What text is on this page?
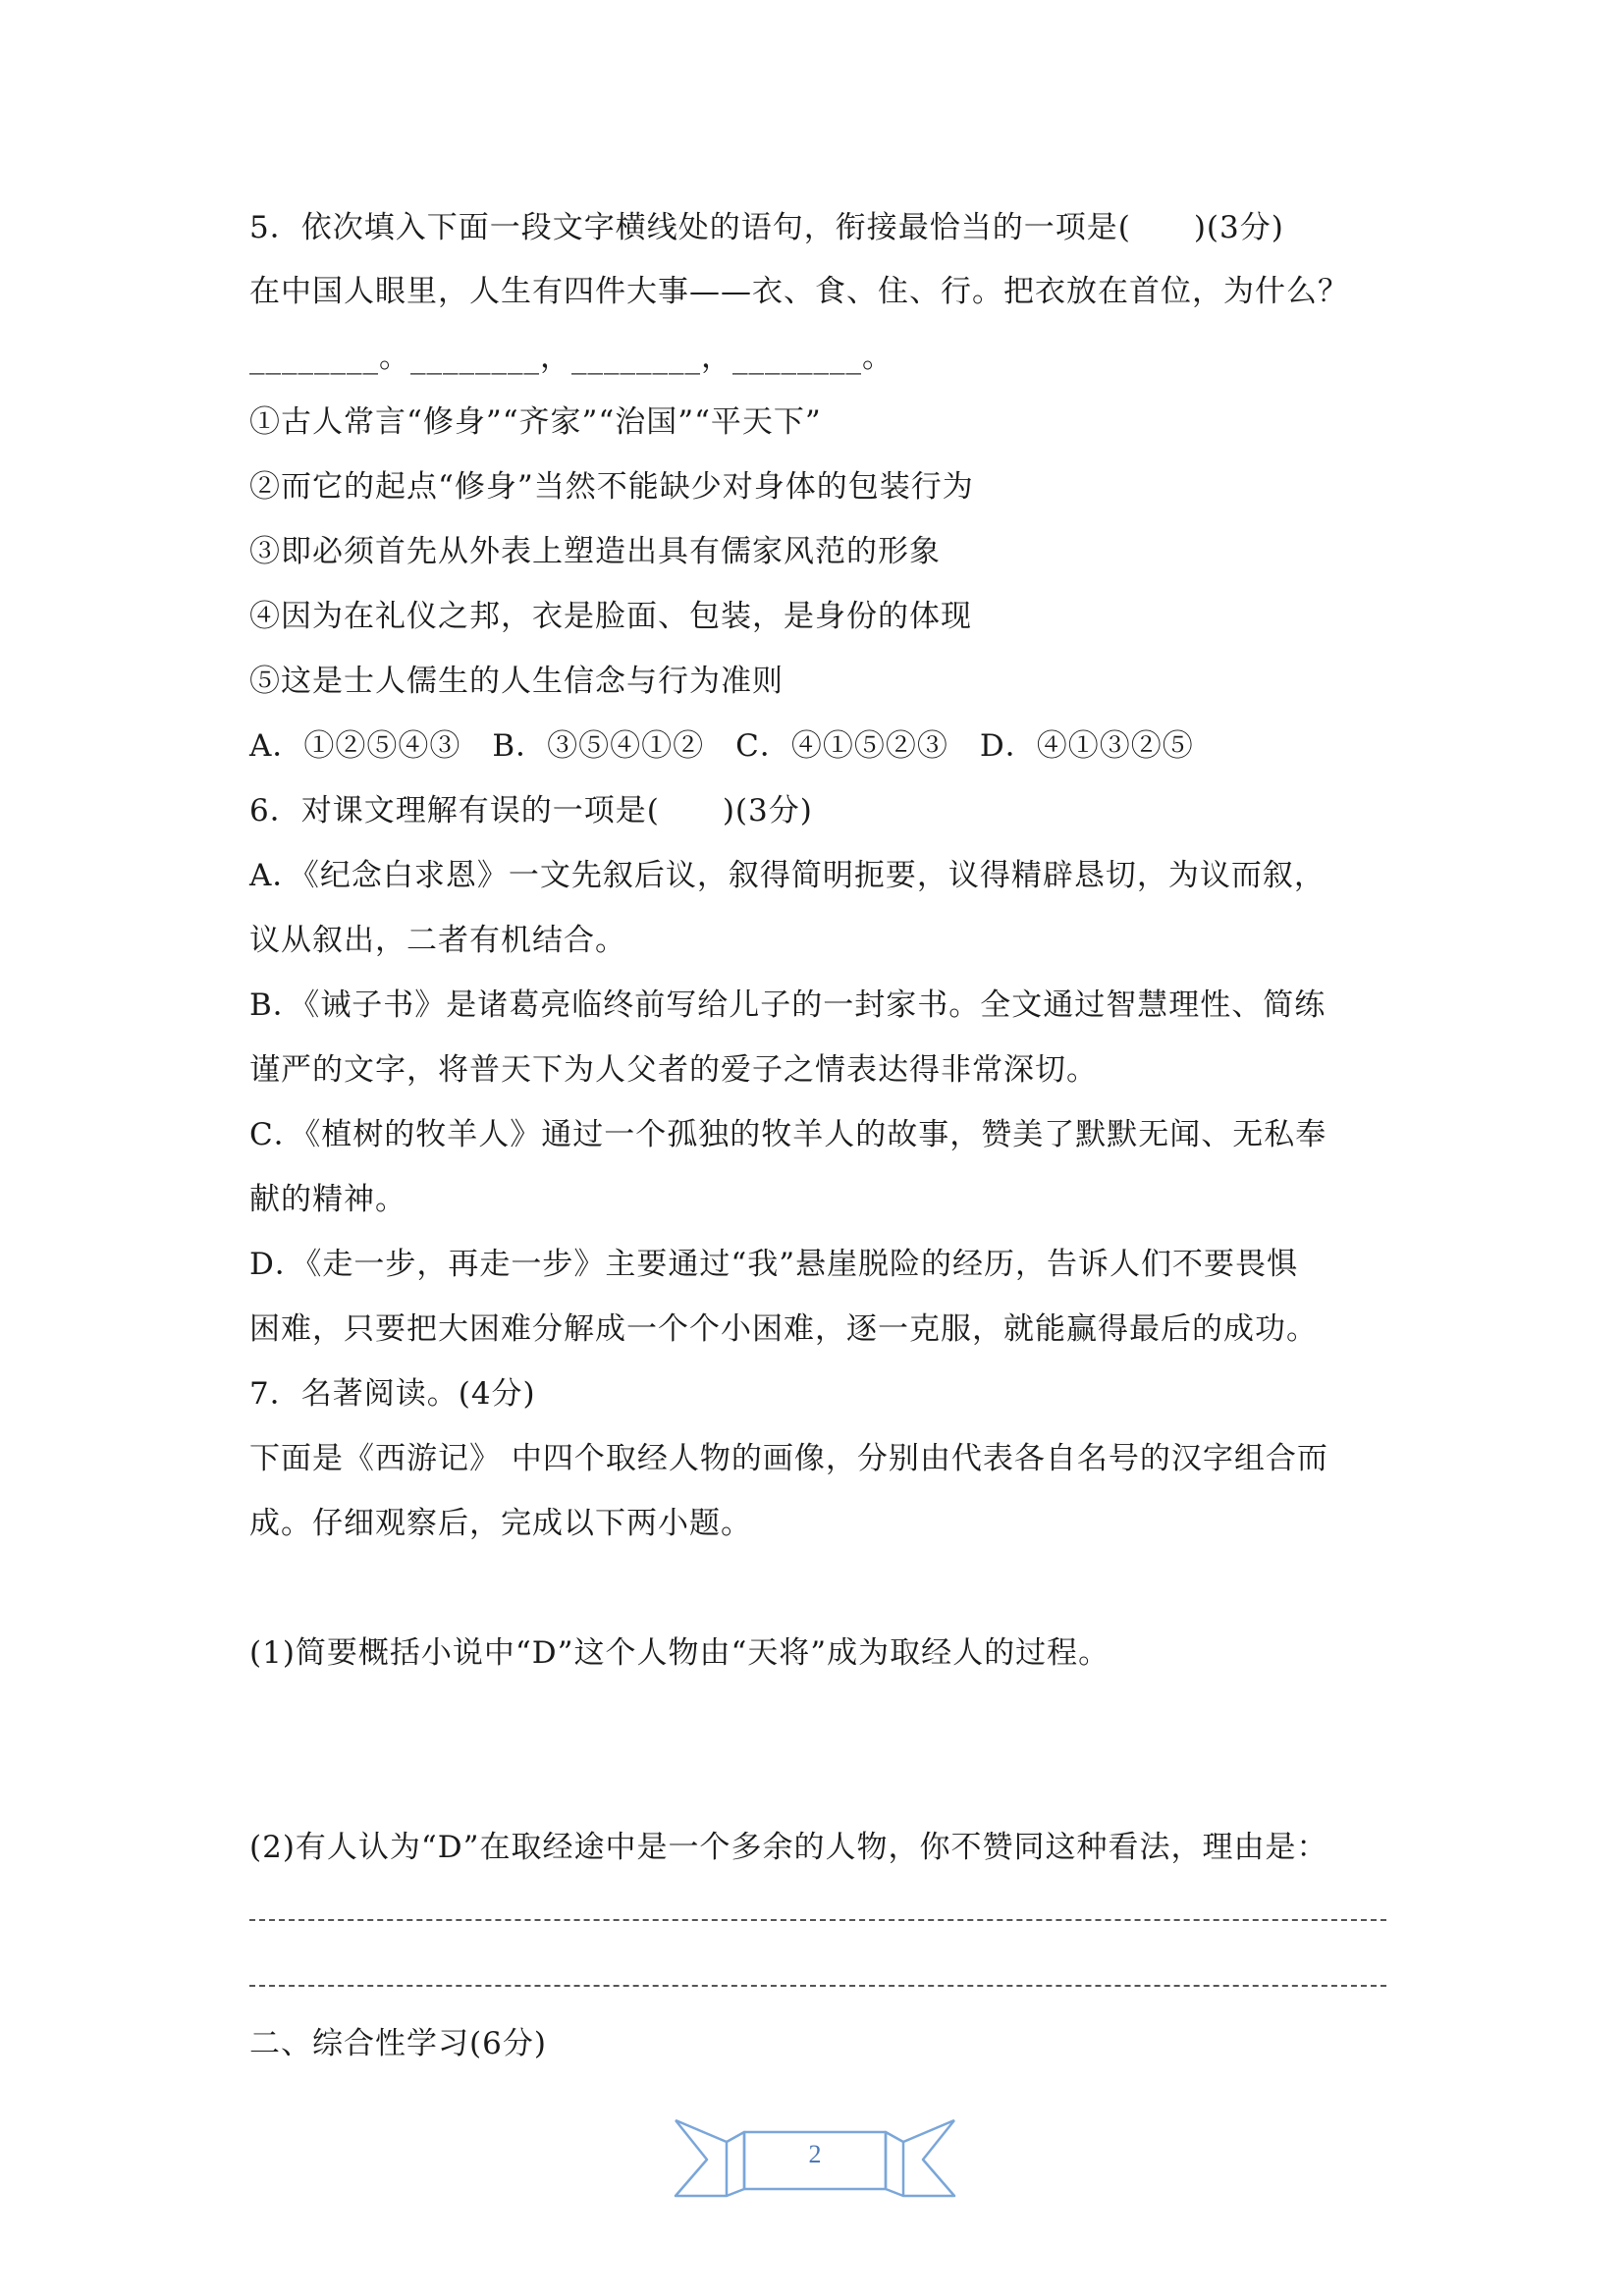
5．依次填入下面一段文字横线处的语句，衔接最恰当的一项是(　　)(3分)
在中国人眼里，人生有四件大事——衣、食、住、行。把衣放在首位，为什么？
________。________，________，________。
①古人常言“修身”“齐家”“治国”“平天下”
②而它的起点“修身”当然不能缺少对身体的包装行为
③即必须首先从外表上塑造出具有儒家风范的形象
④因为在礼仪之邦，衣是脸面、包装，是身份的体现
⑤这是士人儒生的人生信念与行为准则
A．①②⑤④③　B．③⑤④①②　C．④①⑤②③　D．④①③②⑤
6．对课文理解有误的一项是(　　)(3分)
A．《纪念白求恩》一文先叙后议，叙得简明扼要，议得精辟恳切，为议而叙，
议从叙出，二者有机结合。
B．《诫子书》是诸葛亮临终前写给儿子的一封家书。全文通过智慧理性、简练
谨严的文字，将普天下为人父者的爱子之情表达得非常深切。
C．《植树的牧羊人》通过一个孤独的牧羊人的故事，赞美了默默无闻、无私奉
献的精神。
D．《走一步，再走一步》主要通过“我”悬崖脱险的经历，告诉人们不要畏惧
困难，只要把大困难分解成一个个小困难，逐一克服，就能赢得最后的成功。
7．名著阅读。(4分)
下面是《西游记》 中四个取经人物的画像，分别由代表各自名号的汉字组合而
成。仔细观察后，完成以下两小题。
(1)简要概括小说中“D”这个人物由“天将”成为取经人的过程。
(2)有人认为“D”在取经途中是一个多余的人物，你不赞同这种看法，理由是：
二、综合性学习(6分)
2
